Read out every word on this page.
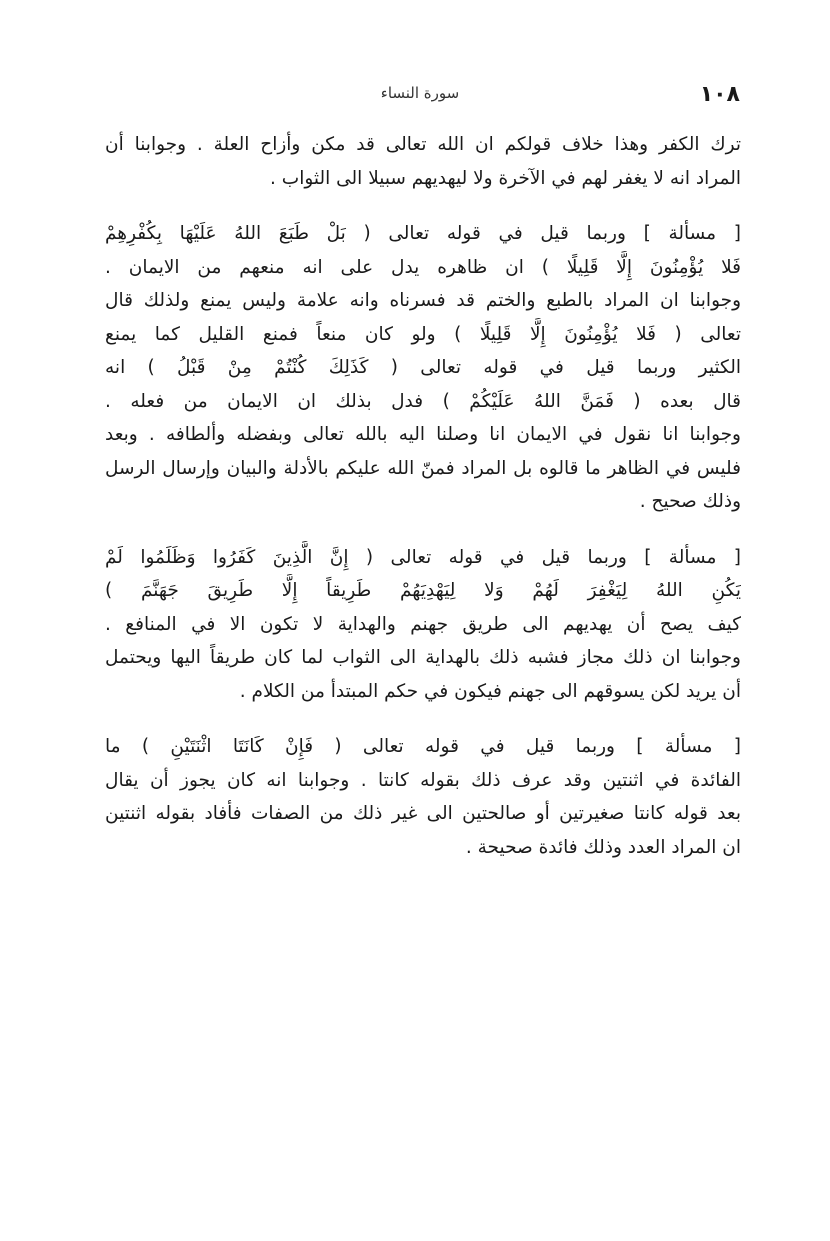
١٠٨
سورة النساء
ترك الكفر وهذا خلاف قولكم ان الله تعالى قد مكن وأزاح العلة . وجوابنا أن
المراد انه لا يغفر لهم في الآخرة ولا ليهديهم سبيلا الى الثواب .
[ مسألة ] وربما قيل في قوله تعالى ( بَلْ طَبَعَ اللهُ عَلَيْهَا بِكُفْرِهِمْ
فَلا يُؤْمِنُونَ إِلَّا قَلِيلًا ) ان ظاهره يدل على انه منعهم من الايمان .
وجوابنا ان المراد بالطبع والختم قد فسرناه وانه علامة وليس يمنع ولذلك قال
تعالى ( فَلا يُؤْمِنُونَ إِلَّا قَلِيلًا ) ولو كان منعاً فمنع القليل كما يمنع
الكثير وربما قيل في قوله تعالى ( كَذَلِكَ كُنْتُمْ مِنْ قَبْلُ ) انه
قال بعده ( فَمَنَّ اللهُ عَلَيْكُمْ ) فدل بذلك ان الايمان من فعله .
وجوابنا انا نقول في الايمان انا وصلنا اليه بالله تعالى وبفضله وألطافه . وبعد
فليس في الظاهر ما قالوه بل المراد فمنّ الله عليكم بالأدلة والبيان وإرسال الرسل
وذلك صحيح .
[ مسألة ] وربما قيل في قوله تعالى ( إِنَّ الَّذِينَ كَفَرُوا وَظَلَمُوا لَمْ
يَكُنِ اللهُ لِيَغْفِرَ لَهُمْ وَلا لِيَهْدِيَهُمْ طَرِيقاً إِلَّا طَرِيقَ جَهَنَّمَ )
كيف يصح أن يهديهم الى طريق جهنم والهداية لا تكون الا في المنافع .
وجوابنا ان ذلك مجاز فشبه ذلك بالهداية الى الثواب لما كان طريقاً اليها ويحتمل
أن يريد لكن يسوقهم الى جهنم فيكون في حكم المبتدأ من الكلام .
[ مسألة ] وربما قيل في قوله تعالى ( فَإِنْ كَانَتَا اثْنَتَيْنِ ) ما
الفائدة في اثنتين وقد عرف ذلك بقوله كانتا . وجوابنا انه كان يجوز أن يقال
بعد قوله كانتا صغيرتين أو صالحتين الى غير ذلك من الصفات فأفاد بقوله اثنتين
ان المراد العدد وذلك فائدة صحيحة .
